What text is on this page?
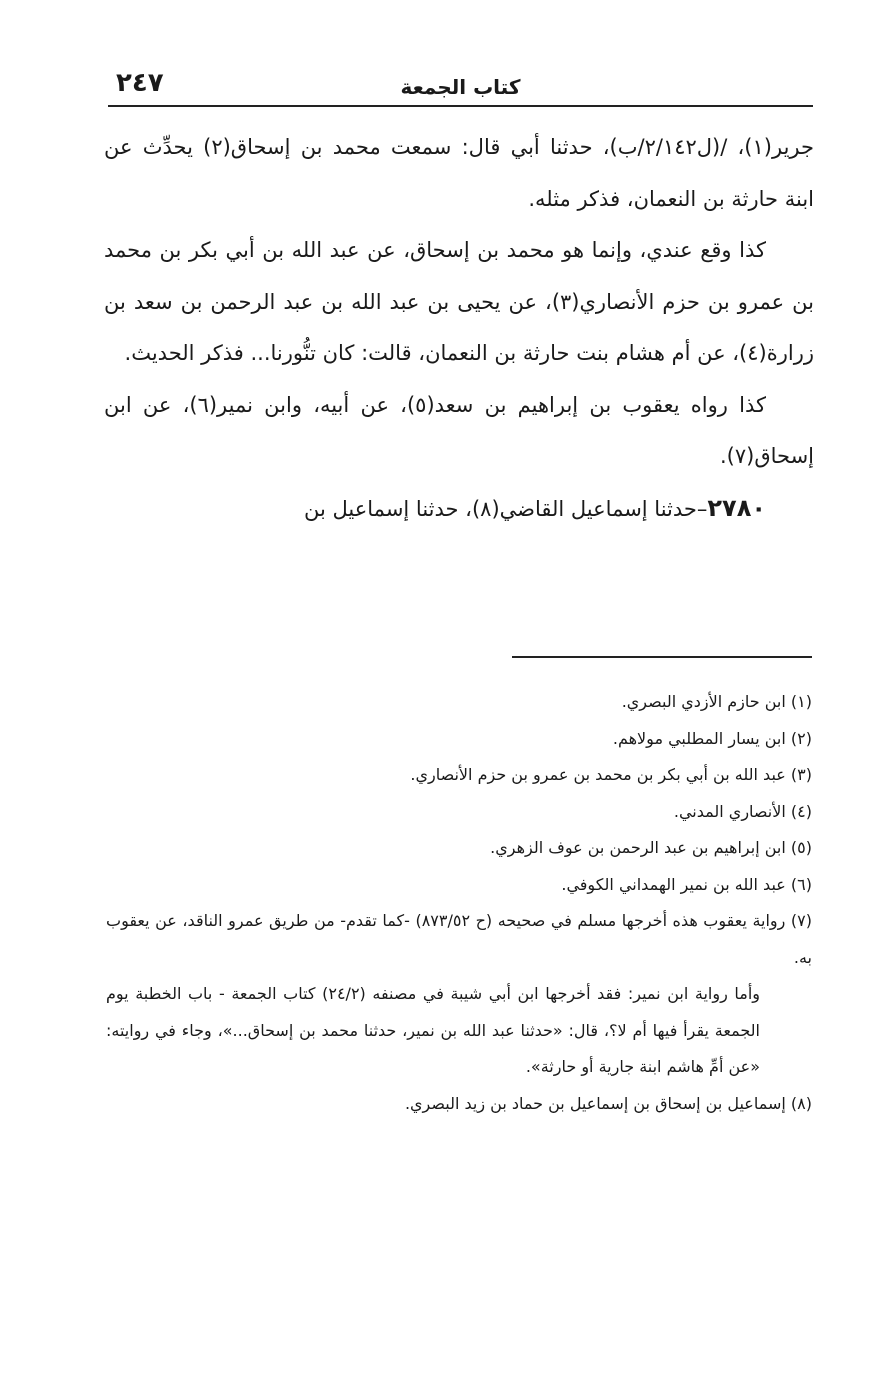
٢٤٧	كتاب الجمعة

جرير(١)، /(ل٢/١٤٢/ب)، حدثنا أبي قال: سمعت محمد بن إسحاق(٢) يحدِّث عن ابنة حارثة بن النعمان، فذكر مثله.

كذا وقع عندي، وإنما هو محمد بن إسحاق، عن عبد الله بن أبي بكر بن محمد بن عمرو بن حزم الأنصاري(٣)، عن يحيى بن عبد الله بن عبد الرحمن بن سعد بن زرارة(٤)، عن أم هشام بنت حارثة بن النعمان، قالت: كان تنُّورنا... فذكر الحديث.

كذا رواه يعقوب بن إبراهيم بن سعد(٥)، عن أبيه، وابن نمير(٦)، عن ابن إسحاق(٧).

٢٧٨٠–حدثنا إسماعيل القاضي(٨)، حدثنا إسماعيل بن

(١) ابن حازم الأزدي البصري.

(٢) ابن يسار المطلبي مولاهم.

(٣) عبد الله بن أبي بكر بن محمد بن عمرو بن حزم الأنصاري.

(٤) الأنصاري المدني.

(٥) ابن إبراهيم بن عبد الرحمن بن عوف الزهري.

(٦) عبد الله بن نمير الهمداني الكوفي.

(٧) رواية يعقوب هذه أخرجها مسلم في صحيحه (ح ٨٧٣/٥٢) -كما تقدم- من طريق عمرو الناقد، عن يعقوب به.

وأما رواية ابن نمير: فقد أخرجها ابن أبي شيبة في مصنفه (٢٤/٢) كتاب الجمعة - باب الخطبة يوم الجمعة يقرأ فيها أم لا؟، قال: «حدثنا عبد الله بن نمير، حدثنا محمد بن إسحاق...»، وجاء في روايته: «عن أمِّ هاشم ابنة جارية أو حارثة».

(٨) إسماعيل بن إسحاق بن إسماعيل بن حماد بن زيد البصري.
